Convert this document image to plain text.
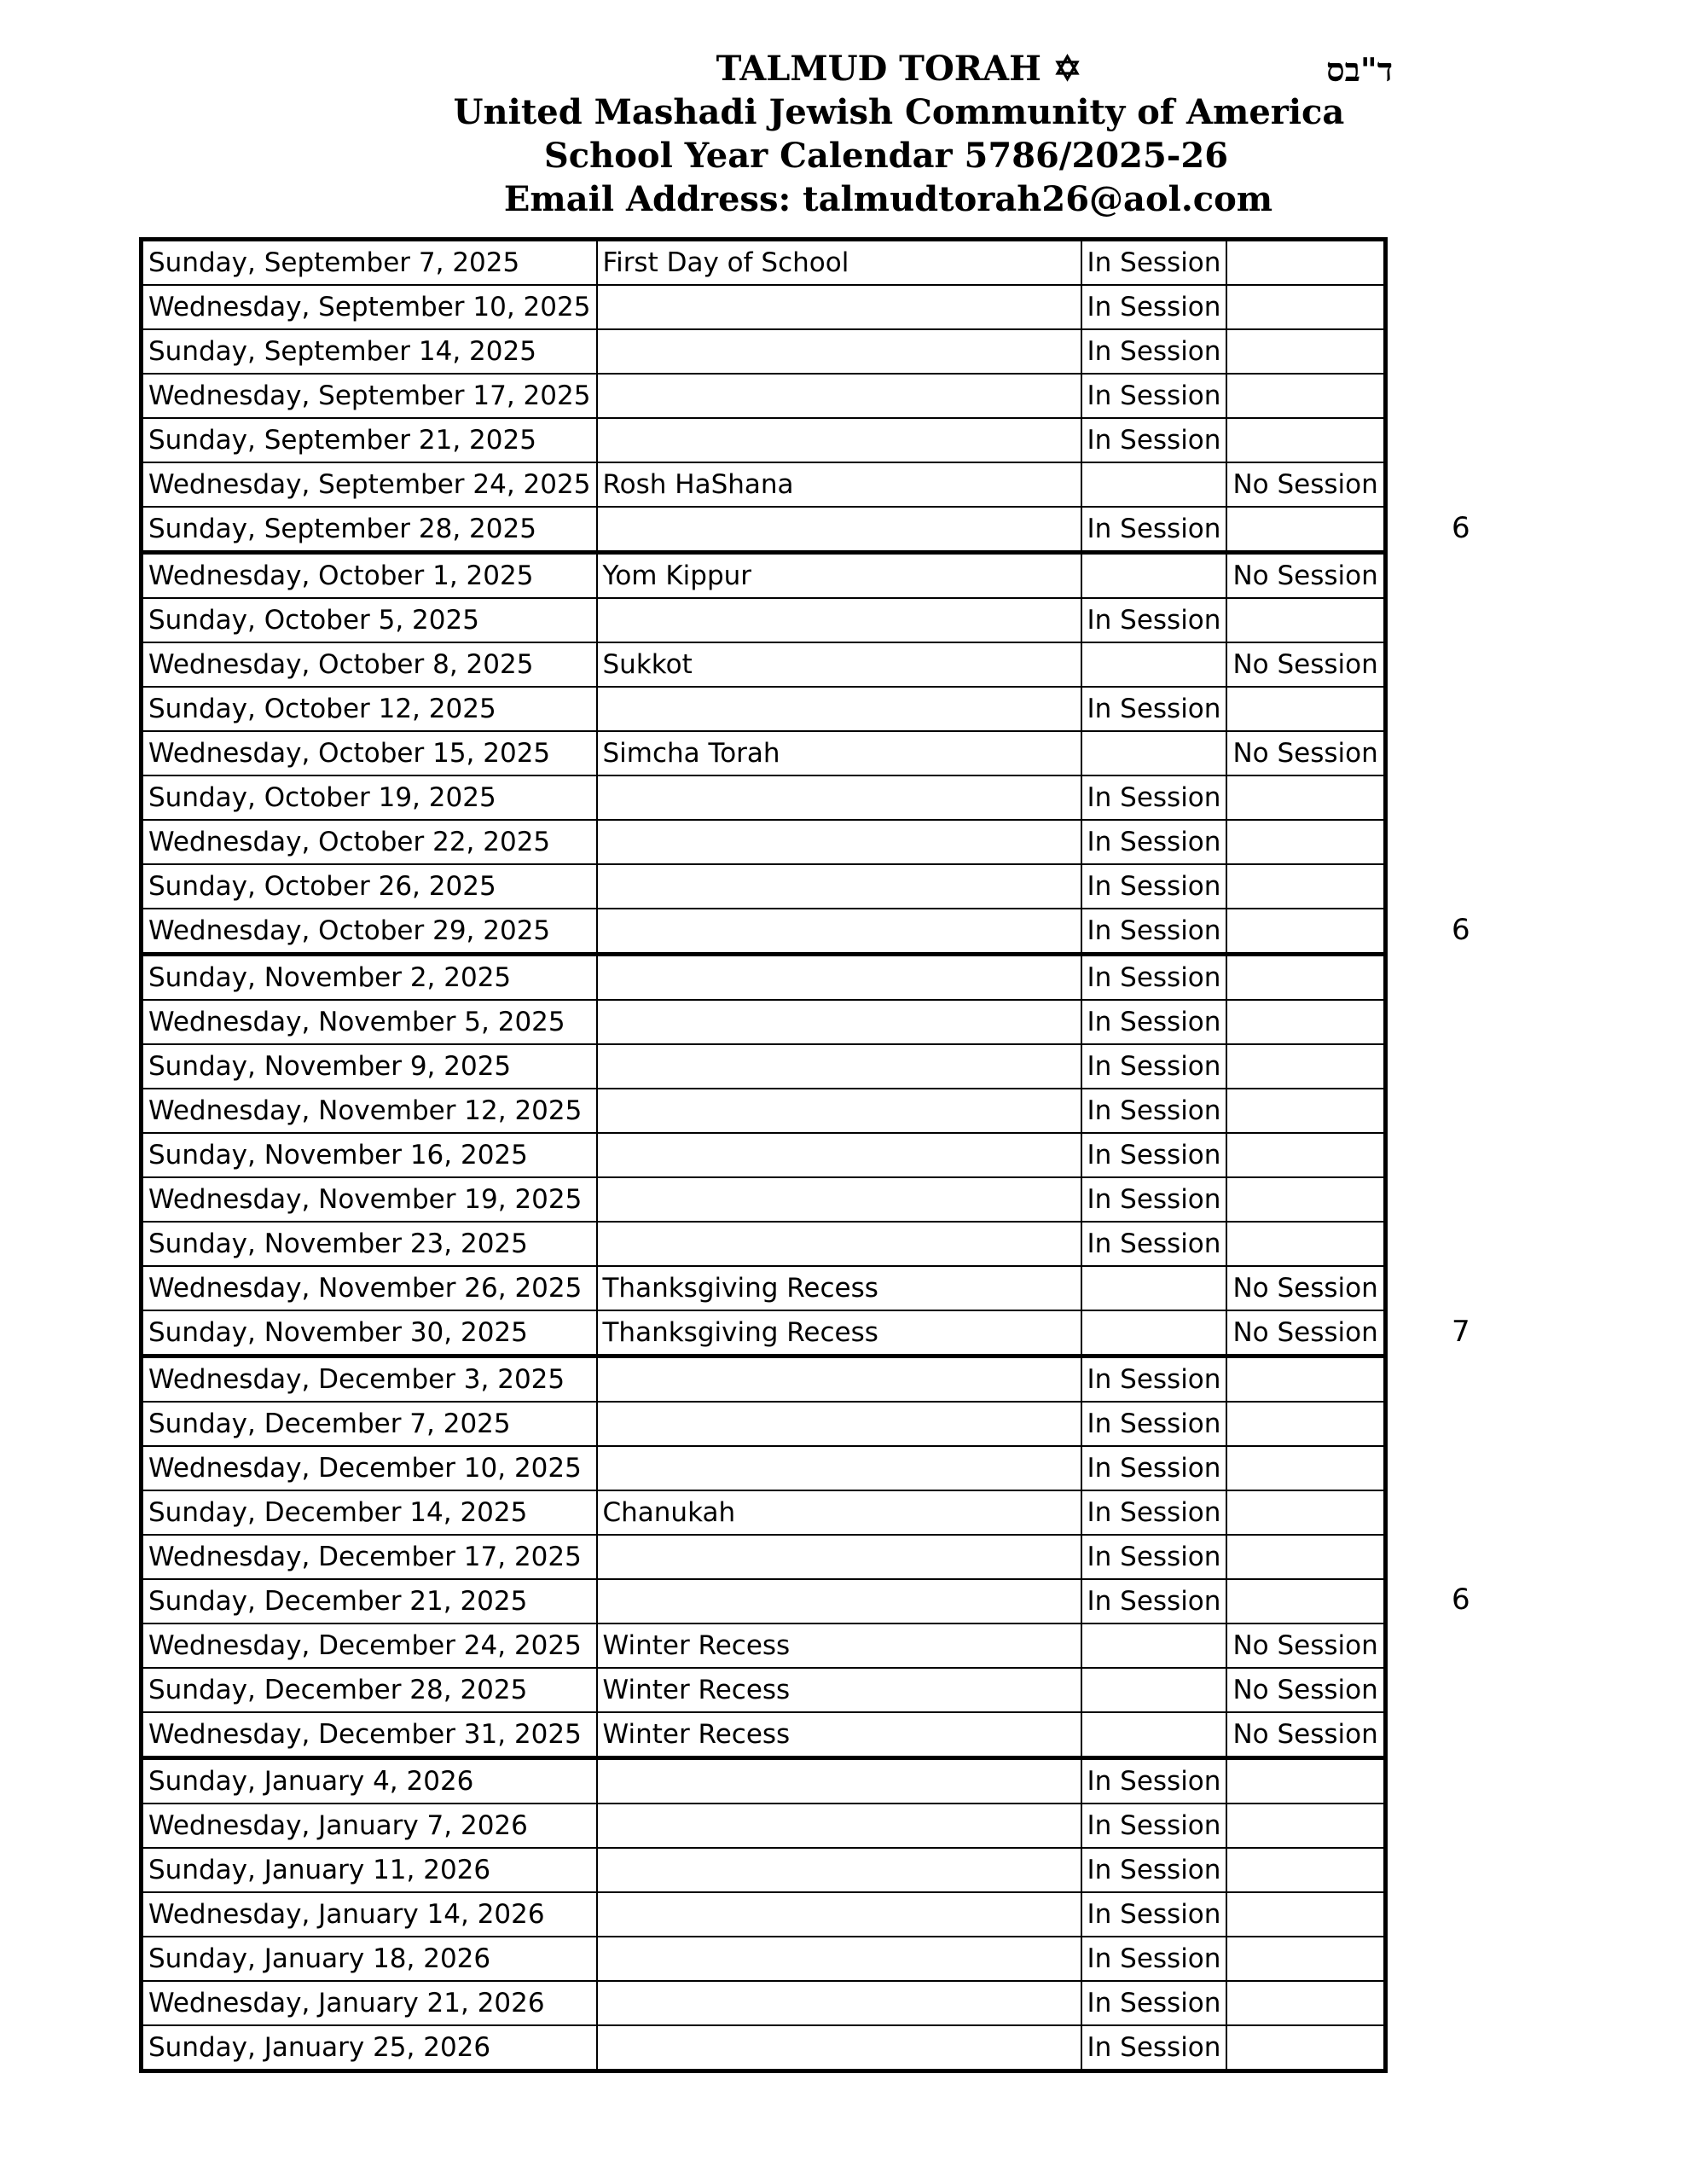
TALMUD TORAH ✡
United Mashadi Jewish Community of America
School Year Calendar 5786/2025-26
Email Address: talmudtorah26@aol.com
ד"בס
Sunday, September 7, 2025	First Day of School	In Session	
Wednesday, September 10, 2025		In Session	
Sunday, September 14, 2025		In Session	
Wednesday, September 17, 2025		In Session	
Sunday, September 21, 2025		In Session	
Wednesday, September 24, 2025	Rosh HaShana		No Session
Sunday, September 28, 2025		In Session	
Wednesday, October 1, 2025	Yom Kippur		No Session
Sunday, October 5, 2025		In Session	
Wednesday, October 8, 2025	Sukkot		No Session
Sunday, October 12, 2025		In Session	
Wednesday, October 15, 2025	Simcha Torah		No Session
Sunday, October 19, 2025		In Session	
Wednesday, October 22, 2025		In Session	
Sunday, October 26, 2025		In Session	
Wednesday, October 29, 2025		In Session	
Sunday, November 2, 2025		In Session	
Wednesday, November 5, 2025		In Session	
Sunday, November 9, 2025		In Session	
Wednesday, November 12, 2025		In Session	
Sunday, November 16, 2025		In Session	
Wednesday, November 19, 2025		In Session	
Sunday, November 23, 2025		In Session	
Wednesday, November 26, 2025	Thanksgiving Recess		No Session
Sunday, November 30, 2025	Thanksgiving Recess		No Session
Wednesday, December 3, 2025		In Session	
Sunday, December 7, 2025		In Session	
Wednesday, December 10, 2025		In Session	
Sunday, December 14, 2025	Chanukah	In Session	
Wednesday, December 17, 2025		In Session	
Sunday, December 21, 2025		In Session	
Wednesday, December 24, 2025	Winter Recess		No Session
Sunday, December 28, 2025	Winter Recess		No Session
Wednesday, December 31, 2025	Winter Recess		No Session
Sunday, January 4, 2026		In Session	
Wednesday, January 7, 2026		In Session	
Sunday, January 11, 2026		In Session	
Wednesday, January 14, 2026		In Session	
Sunday, January 18, 2026		In Session	
Wednesday, January 21, 2026		In Session	
Sunday, January 25, 2026		In Session	
6
6
7
6
